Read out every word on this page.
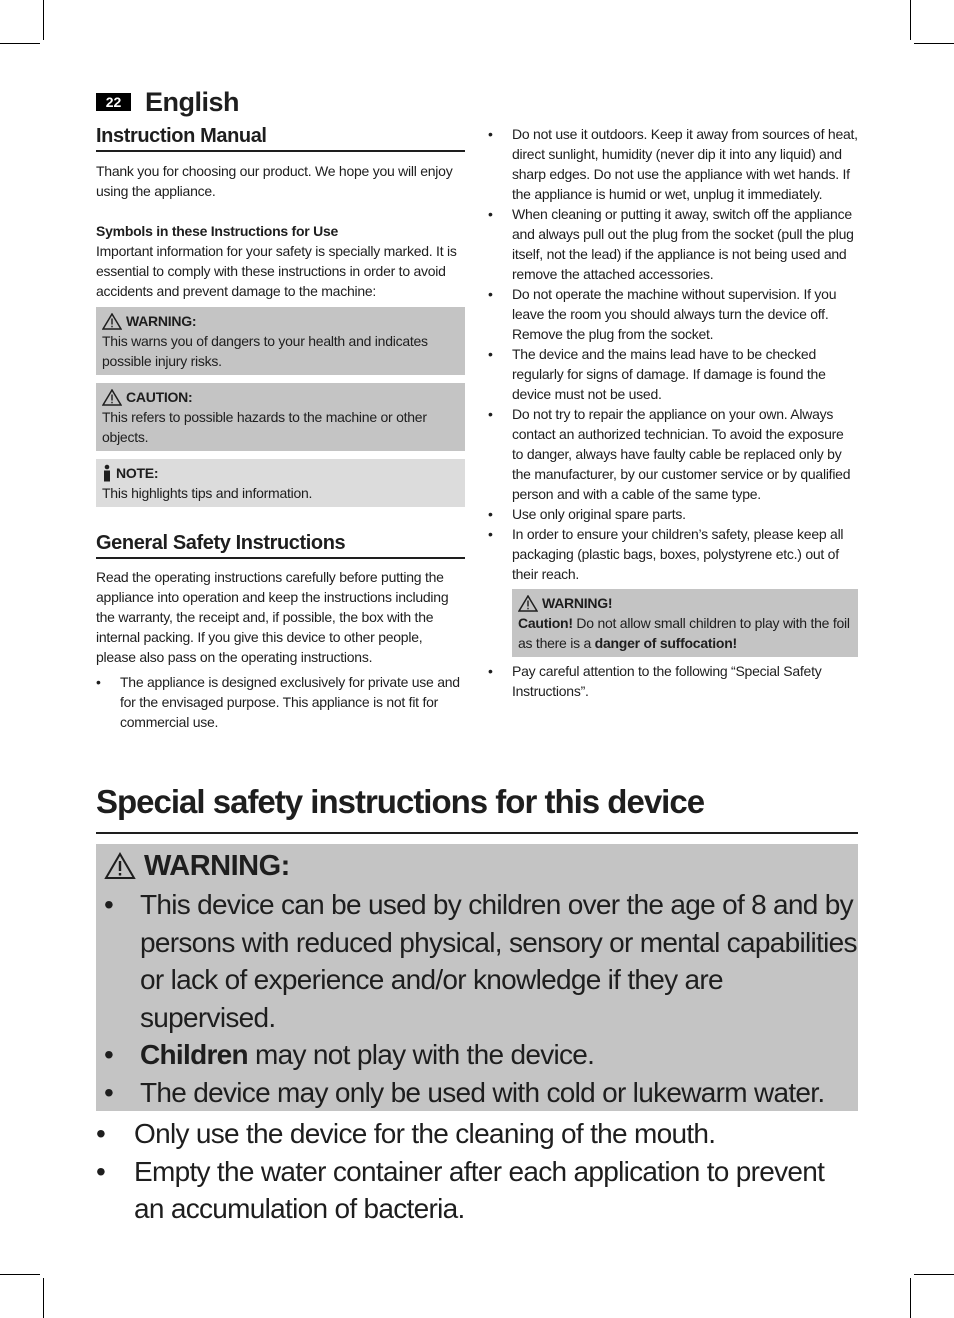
22 English
Instruction Manual

Thank you for choosing our product. We hope you will enjoy using the appliance.

Symbols in these Instructions for Use

Important information for your safety is specially marked. It is essential to comply with these instructions in order to avoid accidents and prevent damage to the machine:

WARNING:

This warns you of dangers to your health and indicates possible injury risks.

CAUTION:

This refers to possible hazards to the machine or other objects.

NOTE:

This highlights tips and information.

General Safety Instructions

Read the operating instructions carefully before putting the appliance into operation and keep the instructions including the warranty, the receipt and, if possible, the box with the internal packing. If you give this device to other people, please also pass on the operating instructions.

• The appliance is designed exclusively for private use and for the envisaged purpose. This appliance is not fit for commercial use.
• Do not use it outdoors. Keep it away from sources of heat, direct sunlight, humidity (never dip it into any liquid) and sharp edges. Do not use the appliance with wet hands. If the appliance is humid or wet, unplug it immediately.
• When cleaning or putting it away, switch off the appliance and always pull out the plug from the socket (pull the plug itself, not the lead) if the appliance is not being used and remove the attached accessories.
• Do not operate the machine without supervision. If you leave the room you should always turn the device off. Remove the plug from the socket.
• The device and the mains lead have to be checked regularly for signs of damage. If damage is found the device must not be used.
• Do not try to repair the appliance on your own. Always contact an authorized technician. To avoid the exposure to danger, always have faulty cable be replaced only by the manufacturer, by our customer service or by qualified person and with a cable of the same type.
• Use only original spare parts.
• In order to ensure your children’s safety, please keep all packaging (plastic bags, boxes, polystyrene etc.) out of their reach.
WARNING!

Caution! Do not allow small children to play with the foil as there is a danger of suffocation!

• Pay careful attention to the following “Special Safety Instructions”.
Special safety instructions for this device
WARNING:
• This device can be used by children over the age of 8 and by persons with reduced physical, sensory or mental capabilities or lack of experience and/or knowledge if they are supervised.
• Children may not play with the device.
• The device may only be used with cold or lukewarm water.
• Only use the device for the cleaning of the mouth.
• Empty the water container after each application to prevent an accumulation of bacteria.
